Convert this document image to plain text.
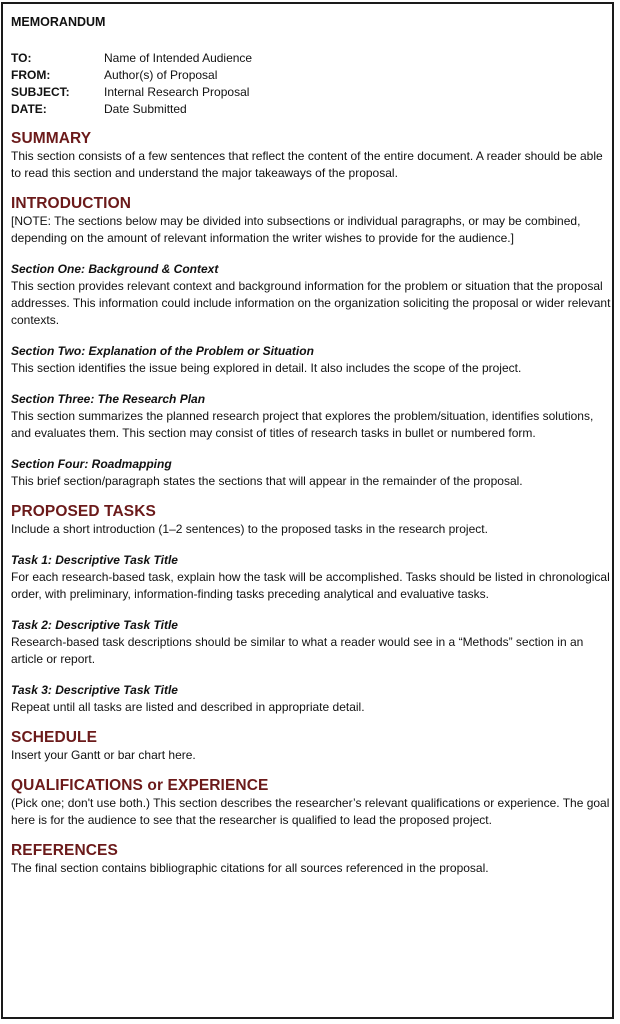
MEMORANDUM
TO:	Name of Intended Audience
FROM:	Author(s) of Proposal
SUBJECT:	Internal Research Proposal
DATE:	Date Submitted
SUMMARY
This section consists of a few sentences that reflect the content of the entire document. A reader should be able to read this section and understand the major takeaways of the proposal.
INTRODUCTION
[NOTE: The sections below may be divided into subsections or individual paragraphs, or may be combined, depending on the amount of relevant information the writer wishes to provide for the audience.]
Section One: Background & Context
This section provides relevant context and background information for the problem or situation that the proposal addresses. This information could include information on the organization soliciting the proposal or wider relevant contexts.
Section Two: Explanation of the Problem or Situation
This section identifies the issue being explored in detail. It also includes the scope of the project.
Section Three: The Research Plan
This section summarizes the planned research project that explores the problem/situation, identifies solutions, and evaluates them. This section may consist of titles of research tasks in bullet or numbered form.
Section Four: Roadmapping
This brief section/paragraph states the sections that will appear in the remainder of the proposal.
PROPOSED TASKS
Include a short introduction (1–2 sentences) to the proposed tasks in the research project.
Task 1: Descriptive Task Title
For each research-based task, explain how the task will be accomplished. Tasks should be listed in chronological order, with preliminary, information-finding tasks preceding analytical and evaluative tasks.
Task 2: Descriptive Task Title
Research-based task descriptions should be similar to what a reader would see in a “Methods” section in an article or report.
Task 3: Descriptive Task Title
Repeat until all tasks are listed and described in appropriate detail.
SCHEDULE
Insert your Gantt or bar chart here.
QUALIFICATIONS or EXPERIENCE
(Pick one; don't use both.) This section describes the researcher’s relevant qualifications or experience. The goal here is for the audience to see that the researcher is qualified to lead the proposed project.
REFERENCES
The final section contains bibliographic citations for all sources referenced in the proposal.
